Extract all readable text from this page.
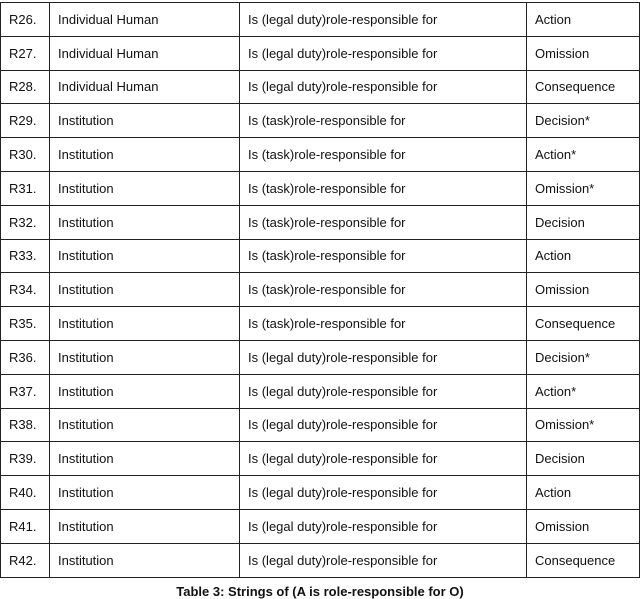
R26.	Individual Human	Is (legal duty)role-responsible for	Action
R27.	Individual Human	Is (legal duty)role-responsible for	Omission
R28.	Individual Human	Is (legal duty)role-responsible for	Consequence
R29.	Institution	Is (task)role-responsible for	Decision*
R30.	Institution	Is (task)role-responsible for	Action*
R31.	Institution	Is (task)role-responsible for	Omission*
R32.	Institution	Is (task)role-responsible for	Decision
R33.	Institution	Is (task)role-responsible for	Action
R34.	Institution	Is (task)role-responsible for	Omission
R35.	Institution	Is (task)role-responsible for	Consequence
R36.	Institution	Is (legal duty)role-responsible for	Decision*
R37.	Institution	Is (legal duty)role-responsible for	Action*
R38.	Institution	Is (legal duty)role-responsible for	Omission*
R39.	Institution	Is (legal duty)role-responsible for	Decision
R40.	Institution	Is (legal duty)role-responsible for	Action
R41.	Institution	Is (legal duty)role-responsible for	Omission
R42.	Institution	Is (legal duty)role-responsible for	Consequence
Table 3: Strings of (A is role-responsible for O)
